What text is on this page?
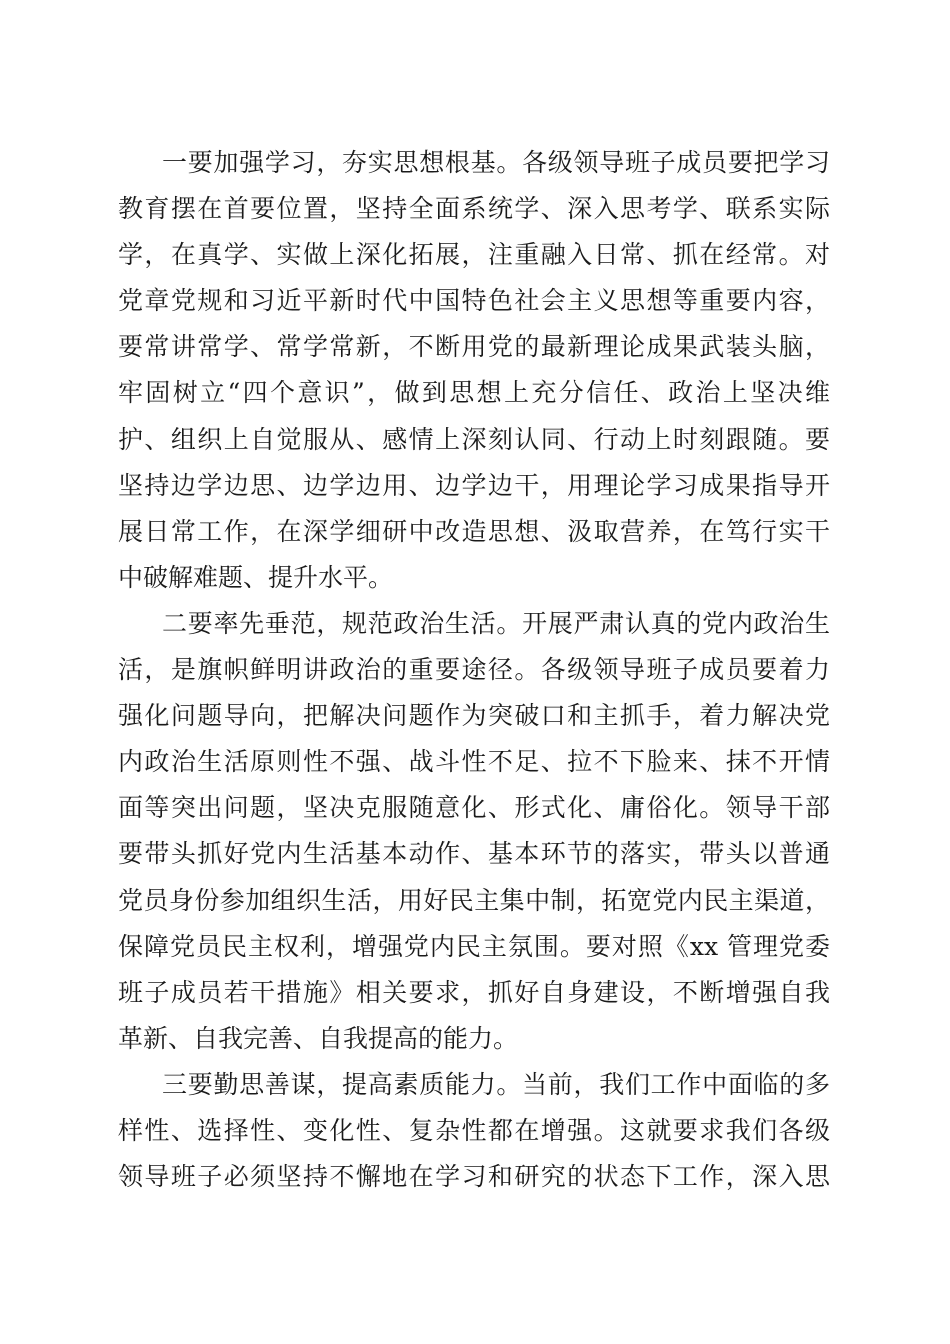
一要加强学习，夯实思想根基。各级领导班子成员要把学习
教育摆在首要位置，坚持全面系统学、深入思考学、联系实际
学，在真学、实做上深化拓展，注重融入日常、抓在经常。对
党章党规和习近平新时代中国特色社会主义思想等重要内容，
要常讲常学、常学常新，不断用党的最新理论成果武装头脑，
牢固树立“四个意识”，做到思想上充分信任、政治上坚决维
护、组织上自觉服从、感情上深刻认同、行动上时刻跟随。要
坚持边学边思、边学边用、边学边干，用理论学习成果指导开
展日常工作，在深学细研中改造思想、汲取营养，在笃行实干
中破解难题、提升水平。
二要率先垂范，规范政治生活。开展严肃认真的党内政治生
活，是旗帜鲜明讲政治的重要途径。各级领导班子成员要着力
强化问题导向，把解决问题作为突破口和主抓手，着力解决党
内政治生活原则性不强、战斗性不足、拉不下脸来、抹不开情
面等突出问题，坚决克服随意化、形式化、庸俗化。领导干部
要带头抓好党内生活基本动作、基本环节的落实，带头以普通
党员身份参加组织生活，用好民主集中制，拓宽党内民主渠道，
保障党员民主权利，增强党内民主氛围。要对照《xx 管理党委
班子成员若干措施》相关要求，抓好自身建设，不断增强自我
革新、自我完善、自我提高的能力。
三要勤思善谋，提高素质能力。当前，我们工作中面临的多
样性、选择性、变化性、复杂性都在增强。这就要求我们各级
领导班子必须坚持不懈地在学习和研究的状态下工作，深入思
